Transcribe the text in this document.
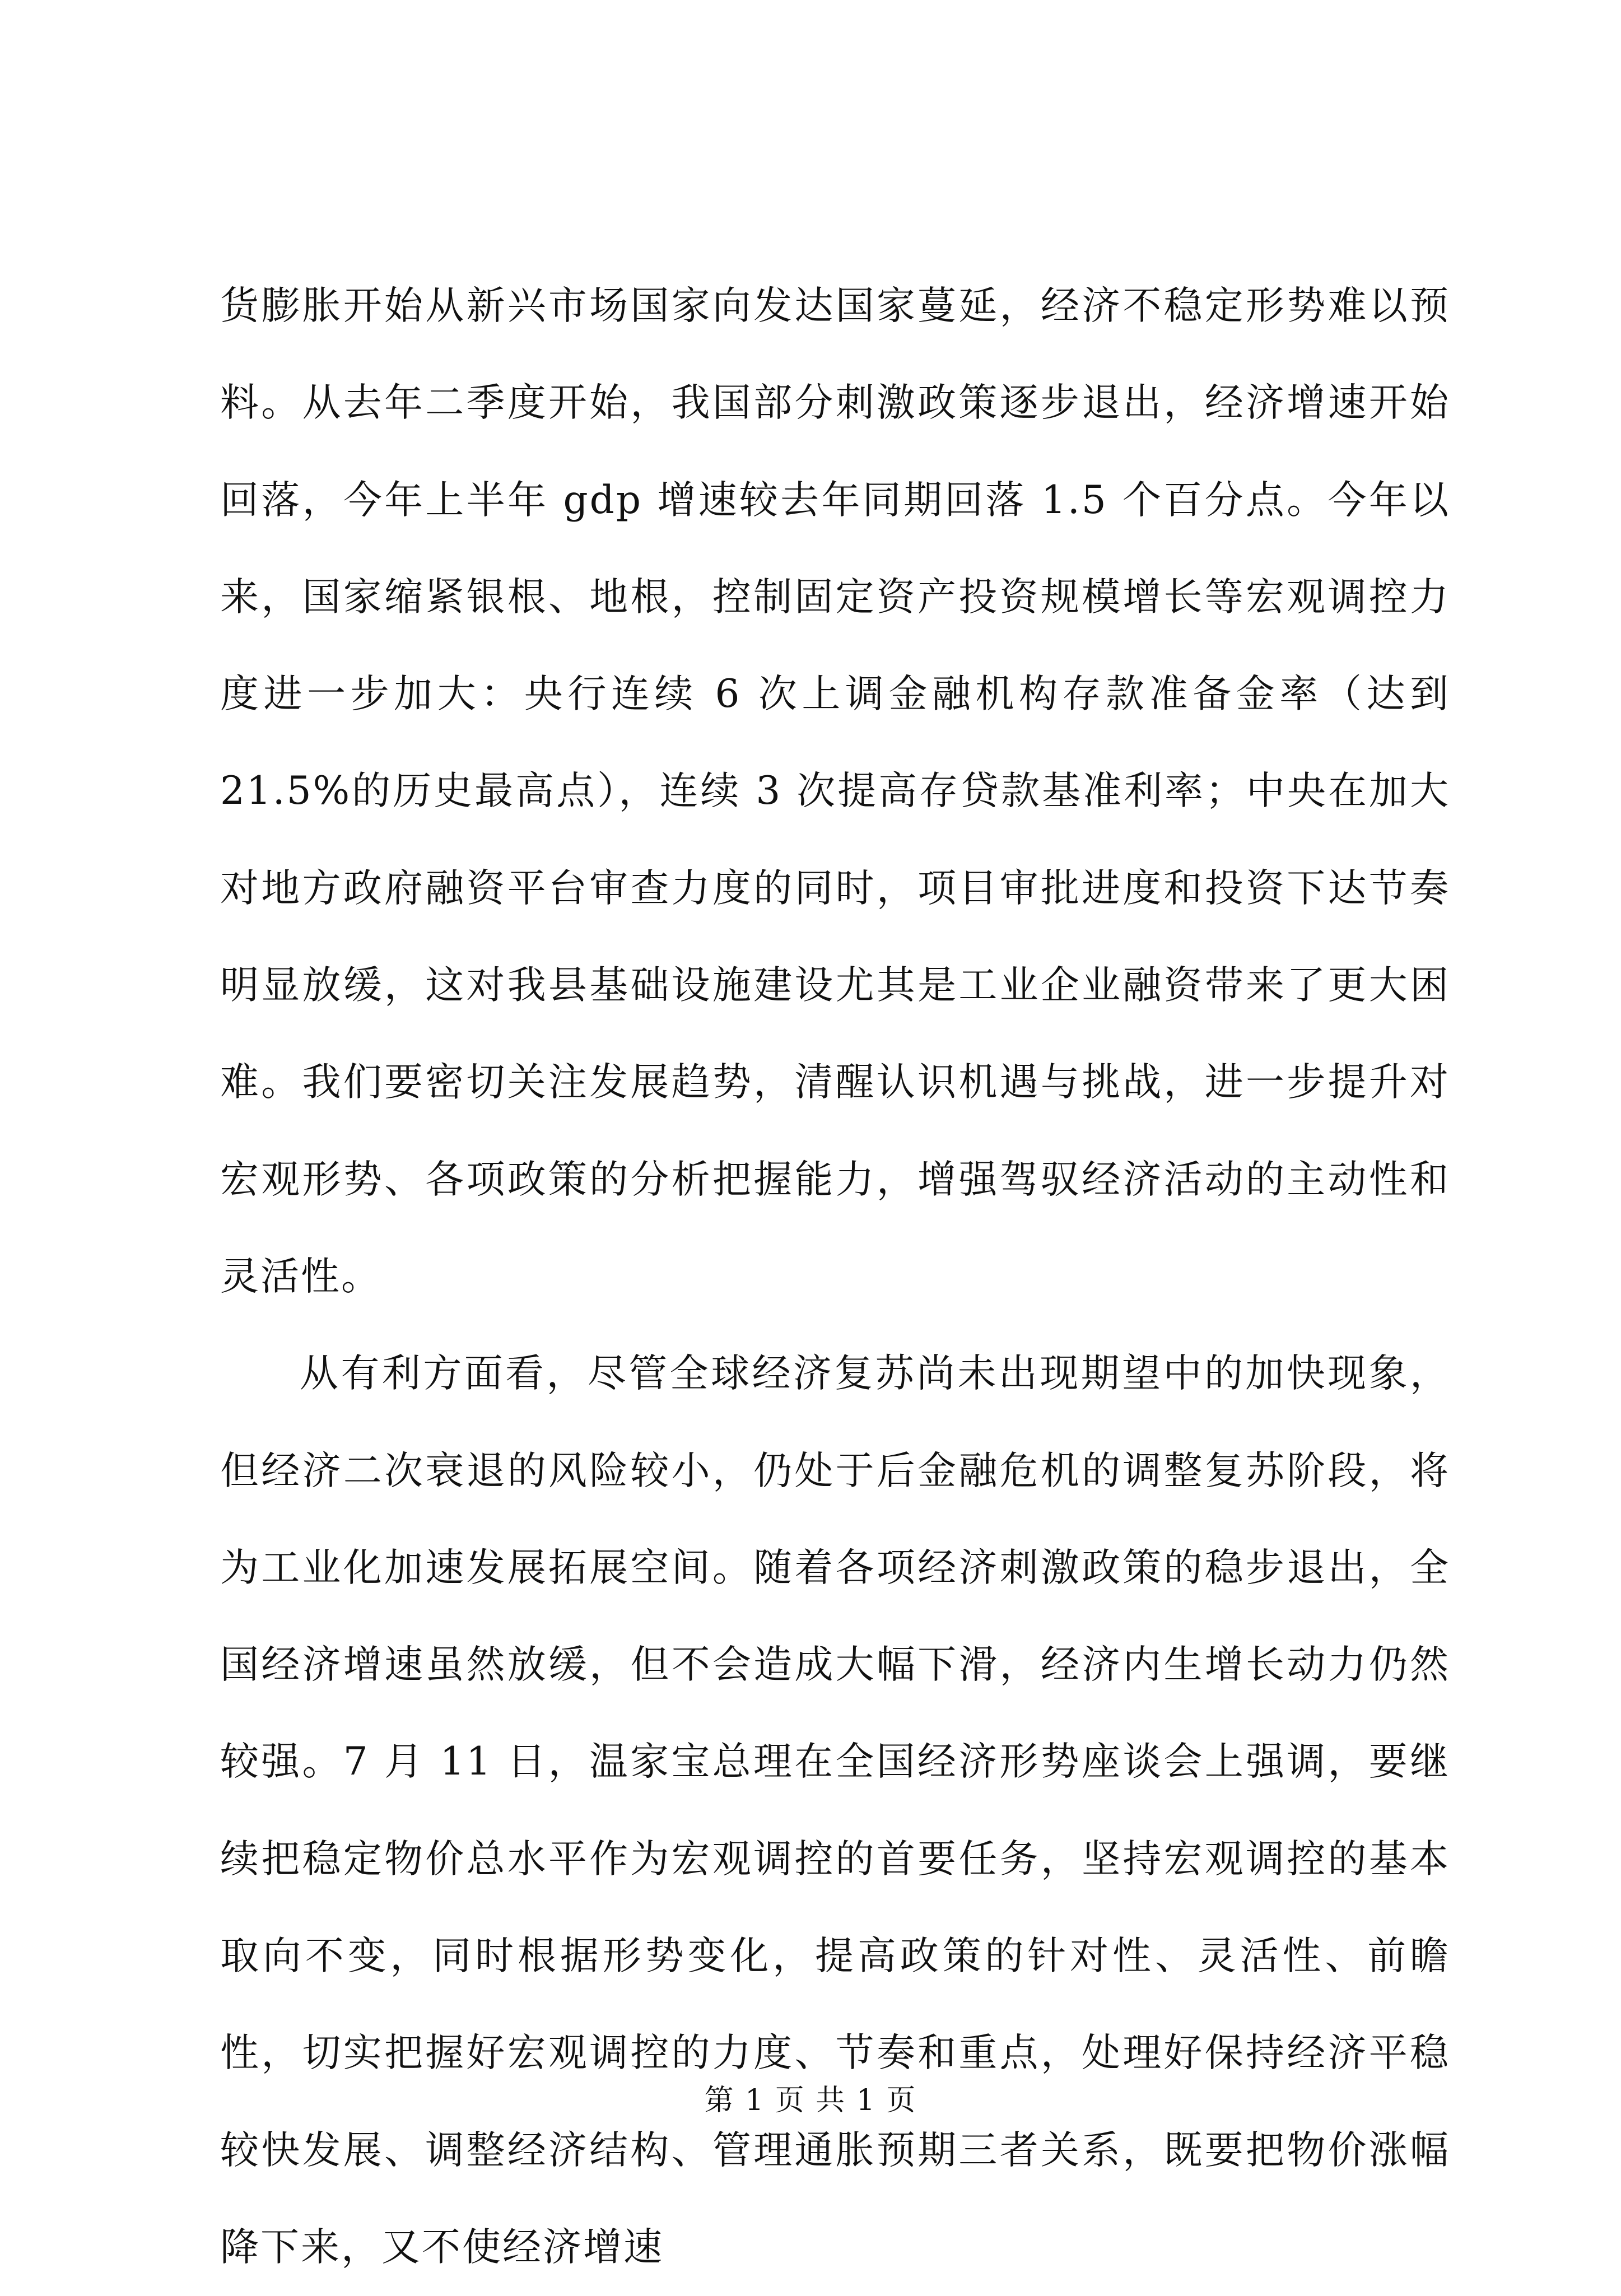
货膨胀开始从新兴市场国家向发达国家蔓延，经济不稳定形势难以预料。从去年二季度开始，我国部分刺激政策逐步退出，经济增速开始回落，今年上半年 gdp 增速较去年同期回落 1.5 个百分点。今年以来，国家缩紧银根、地根，控制固定资产投资规模增长等宏观调控力度进一步加大：央行连续 6 次上调金融机构存款准备金率（达到 21.5%的历史最高点），连续 3 次提高存贷款基准利率；中央在加大对地方政府融资平台审查力度的同时，项目审批进度和投资下达节奏明显放缓，这对我县基础设施建设尤其是工业企业融资带来了更大困难。我们要密切关注发展趋势，清醒认识机遇与挑战，进一步提升对宏观形势、各项政策的分析把握能力，增强驾驭经济活动的主动性和灵活性。

从有利方面看，尽管全球经济复苏尚未出现期望中的加快现象，但经济二次衰退的风险较小，仍处于后金融危机的调整复苏阶段，将为工业化加速发展拓展空间。随着各项经济刺激政策的稳步退出，全国经济增速虽然放缓，但不会造成大幅下滑，经济内生增长动力仍然较强。7 月 11 日，温家宝总理在全国经济形势座谈会上强调，要继续把稳定物价总水平作为宏观调控的首要任务，坚持宏观调控的基本取向不变，同时根据形势变化，提高政策的针对性、灵活性、前瞻性，切实把握好宏观调控的力度、节奏和重点，处理好保持经济平稳较快发展、调整经济结构、管理通胀预期三者关系，既要把物价涨幅降下来，又不使经济增速

第 1 页 共 1 页
